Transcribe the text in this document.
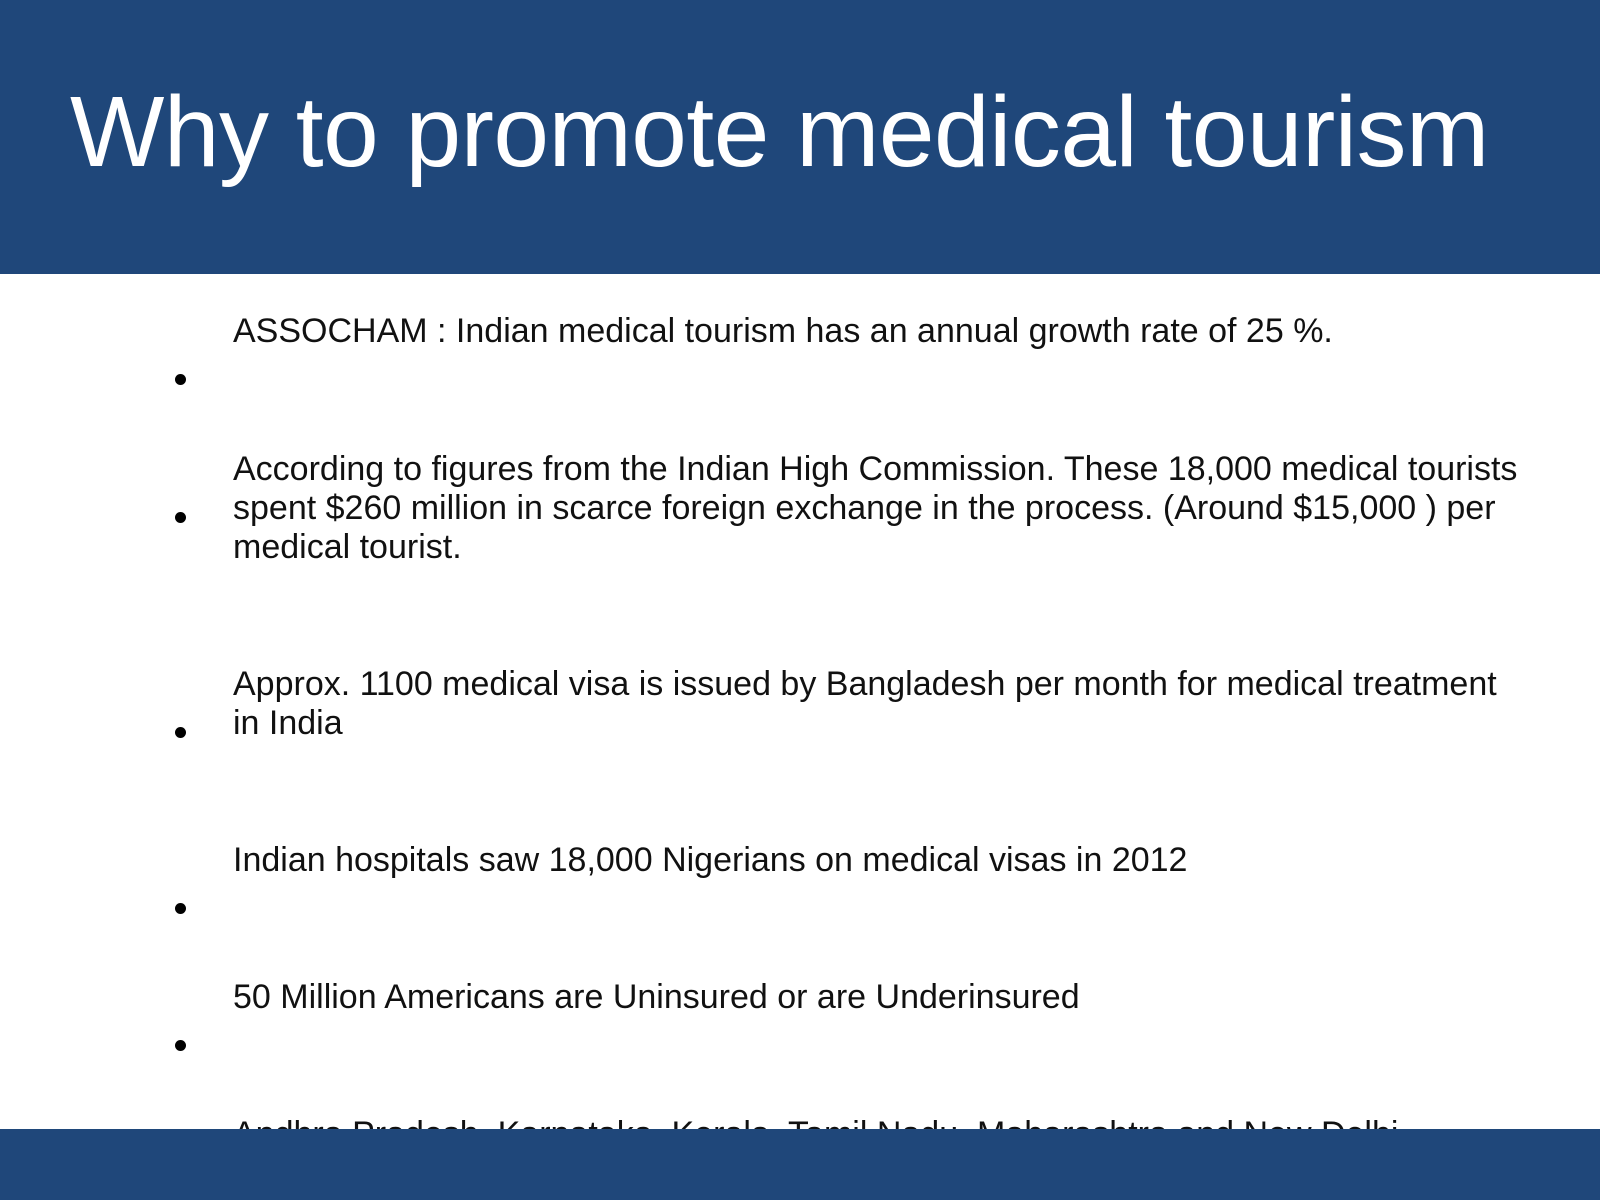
Why to promote medical tourism
ASSOCHAM : Indian medical tourism has an annual growth rate of 25 %.
According to figures from the Indian High Commission. These 18,000 medical tourists spent $260 million in scarce foreign exchange in the process. (Around $15,000 ) per medical tourist.
Approx. 1100 medical visa is issued by Bangladesh per month for medical treatment in India
Indian hospitals saw 18,000 Nigerians on medical visas in 2012
50 Million Americans are Uninsured or are Underinsured
